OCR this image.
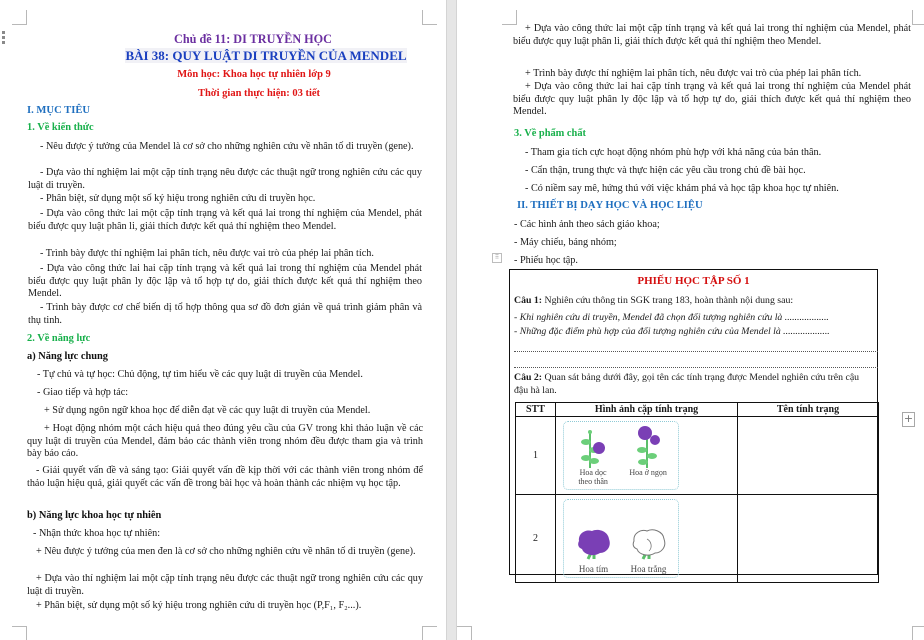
Chủ đề 11: DI TRUYỀN HỌC
BÀI 38: QUY LUẬT DI TRUYỀN CỦA MENDEL
Môn học: Khoa học tự nhiên lớp 9
Thời gian thực hiện: 03 tiết
I. MỤC TIÊU
1. Về kiến thức
- Nêu được ý tưởng của Mendel là cơ sở cho những nghiên cứu về nhân tố di truyền (gene).
- Dựa vào thí nghiệm lai một cặp tính trạng nêu được các thuật ngữ trong nghiên cứu các quy luật di truyền.
- Phân biệt, sử dụng một số ký hiệu trong nghiên cứu di truyền học.
- Dựa vào công thức lai một cặp tính trạng và kết quả lai trong thí nghiệm của Mendel, phát biểu được quy luật phân li, giải thích được kết quả thí nghiệm theo Mendel.
- Trình bày được thí nghiệm lai phân tích, nêu được vai trò của phép lai phân tích.
- Dựa vào công thức lai hai cặp tính trạng và kết quả lai trong thí nghiệm của Mendel phát biểu được quy luật phân ly độc lập và tổ hợp tự do, giải thích được kết quả thí nghiệm theo Mendel.
- Trình bày được cơ chế biến dị tổ hợp thông qua sơ đồ đơn giản về quá trình giảm phân và thụ tinh.
2. Về năng lực
a) Năng lực chung
- Tự chủ và tự học: Chủ động, tự tìm hiểu về các quy luật di truyền của Mendel.
- Giao tiếp và hợp tác:
+ Sử dụng ngôn ngữ khoa học để diễn đạt về các quy luật di truyền của Mendel.
+ Hoạt động nhóm một cách hiệu quả theo đúng yêu cầu của GV trong khi thảo luận về các quy luật di truyền của Mendel, đảm bảo các thành viên trong nhóm đều được tham gia và trình bày báo cáo.
- Giải quyết vấn đề và sáng tạo: Giải quyết vấn đề kịp thời với các thành viên trong nhóm để thảo luận hiệu quả, giải quyết các vấn đề trong bài học và hoàn thành các nhiệm vụ học tập.
b) Năng lực khoa học tự nhiên
- Nhận thức khoa học tự nhiên:
+ Nêu được ý tưởng của men đen là cơ sở cho những nghiên cứu về nhân tố di truyền (gene).
+ Dựa vào thí nghiệm lai một cặp tính trạng nêu được các thuật ngữ trong nghiên cứu các quy luật di truyền.
+ Phân biệt, sử dụng một số ký hiệu trong nghiên cứu di truyền học (P,F₁, F₂...).
+ Dựa vào công thức lai một cặp tính trạng và kết quả lai trong thí nghiệm của Mendel, phát biểu được quy luật phân li, giải thích được kết quả thí nghiệm theo Mendel.
+ Trình bày được thí nghiệm lai phân tích, nêu được vai trò của phép lai phân tích.
+ Dựa vào công thức lai hai cặp tính trạng và kết quả lai trong thí nghiệm của Mendel phát biểu được quy luật phân ly độc lập và tổ hợp tự do, giải thích được kết quả thí nghiệm theo Mendel.
3. Về phẩm chất
- Tham gia tích cực hoạt động nhóm phù hợp với khả năng của bản thân.
- Cẩn thận, trung thực và thực hiện các yêu cầu trong chủ đề bài học.
- Có niềm say mê, hứng thú với việc khám phá và học tập khoa học tự nhiên.
II. THIẾT BỊ DẠY HỌC VÀ HỌC LIỆU
- Các hình ảnh theo sách giáo khoa;
- Máy chiếu, bảng nhóm;
- Phiếu học tập.
⠿
PHIẾU HỌC TẬP SỐ 1
Câu 1: Nghiên cứu thông tin SGK trang 183, hoàn thành nội dung sau:
- Khi nghiên cứu di truyền, Mendel đã chọn đối tượng nghiên cứu là ..................
- Những đặc điểm phù hợp của đối tượng nghiên cứu của Mendel là ...................
Câu 2: Quan sát bảng dưới đây, gọi tên các tính trạng được Mendel nghiên cứu trên cậu đậu hà lan.
STT	Hình ảnh cặp tính trạng	Tên tính trạng
1	Hoa dọc theo thân
Hoa ở ngọn	

2	Hoa tím Hoa trắng	

+
